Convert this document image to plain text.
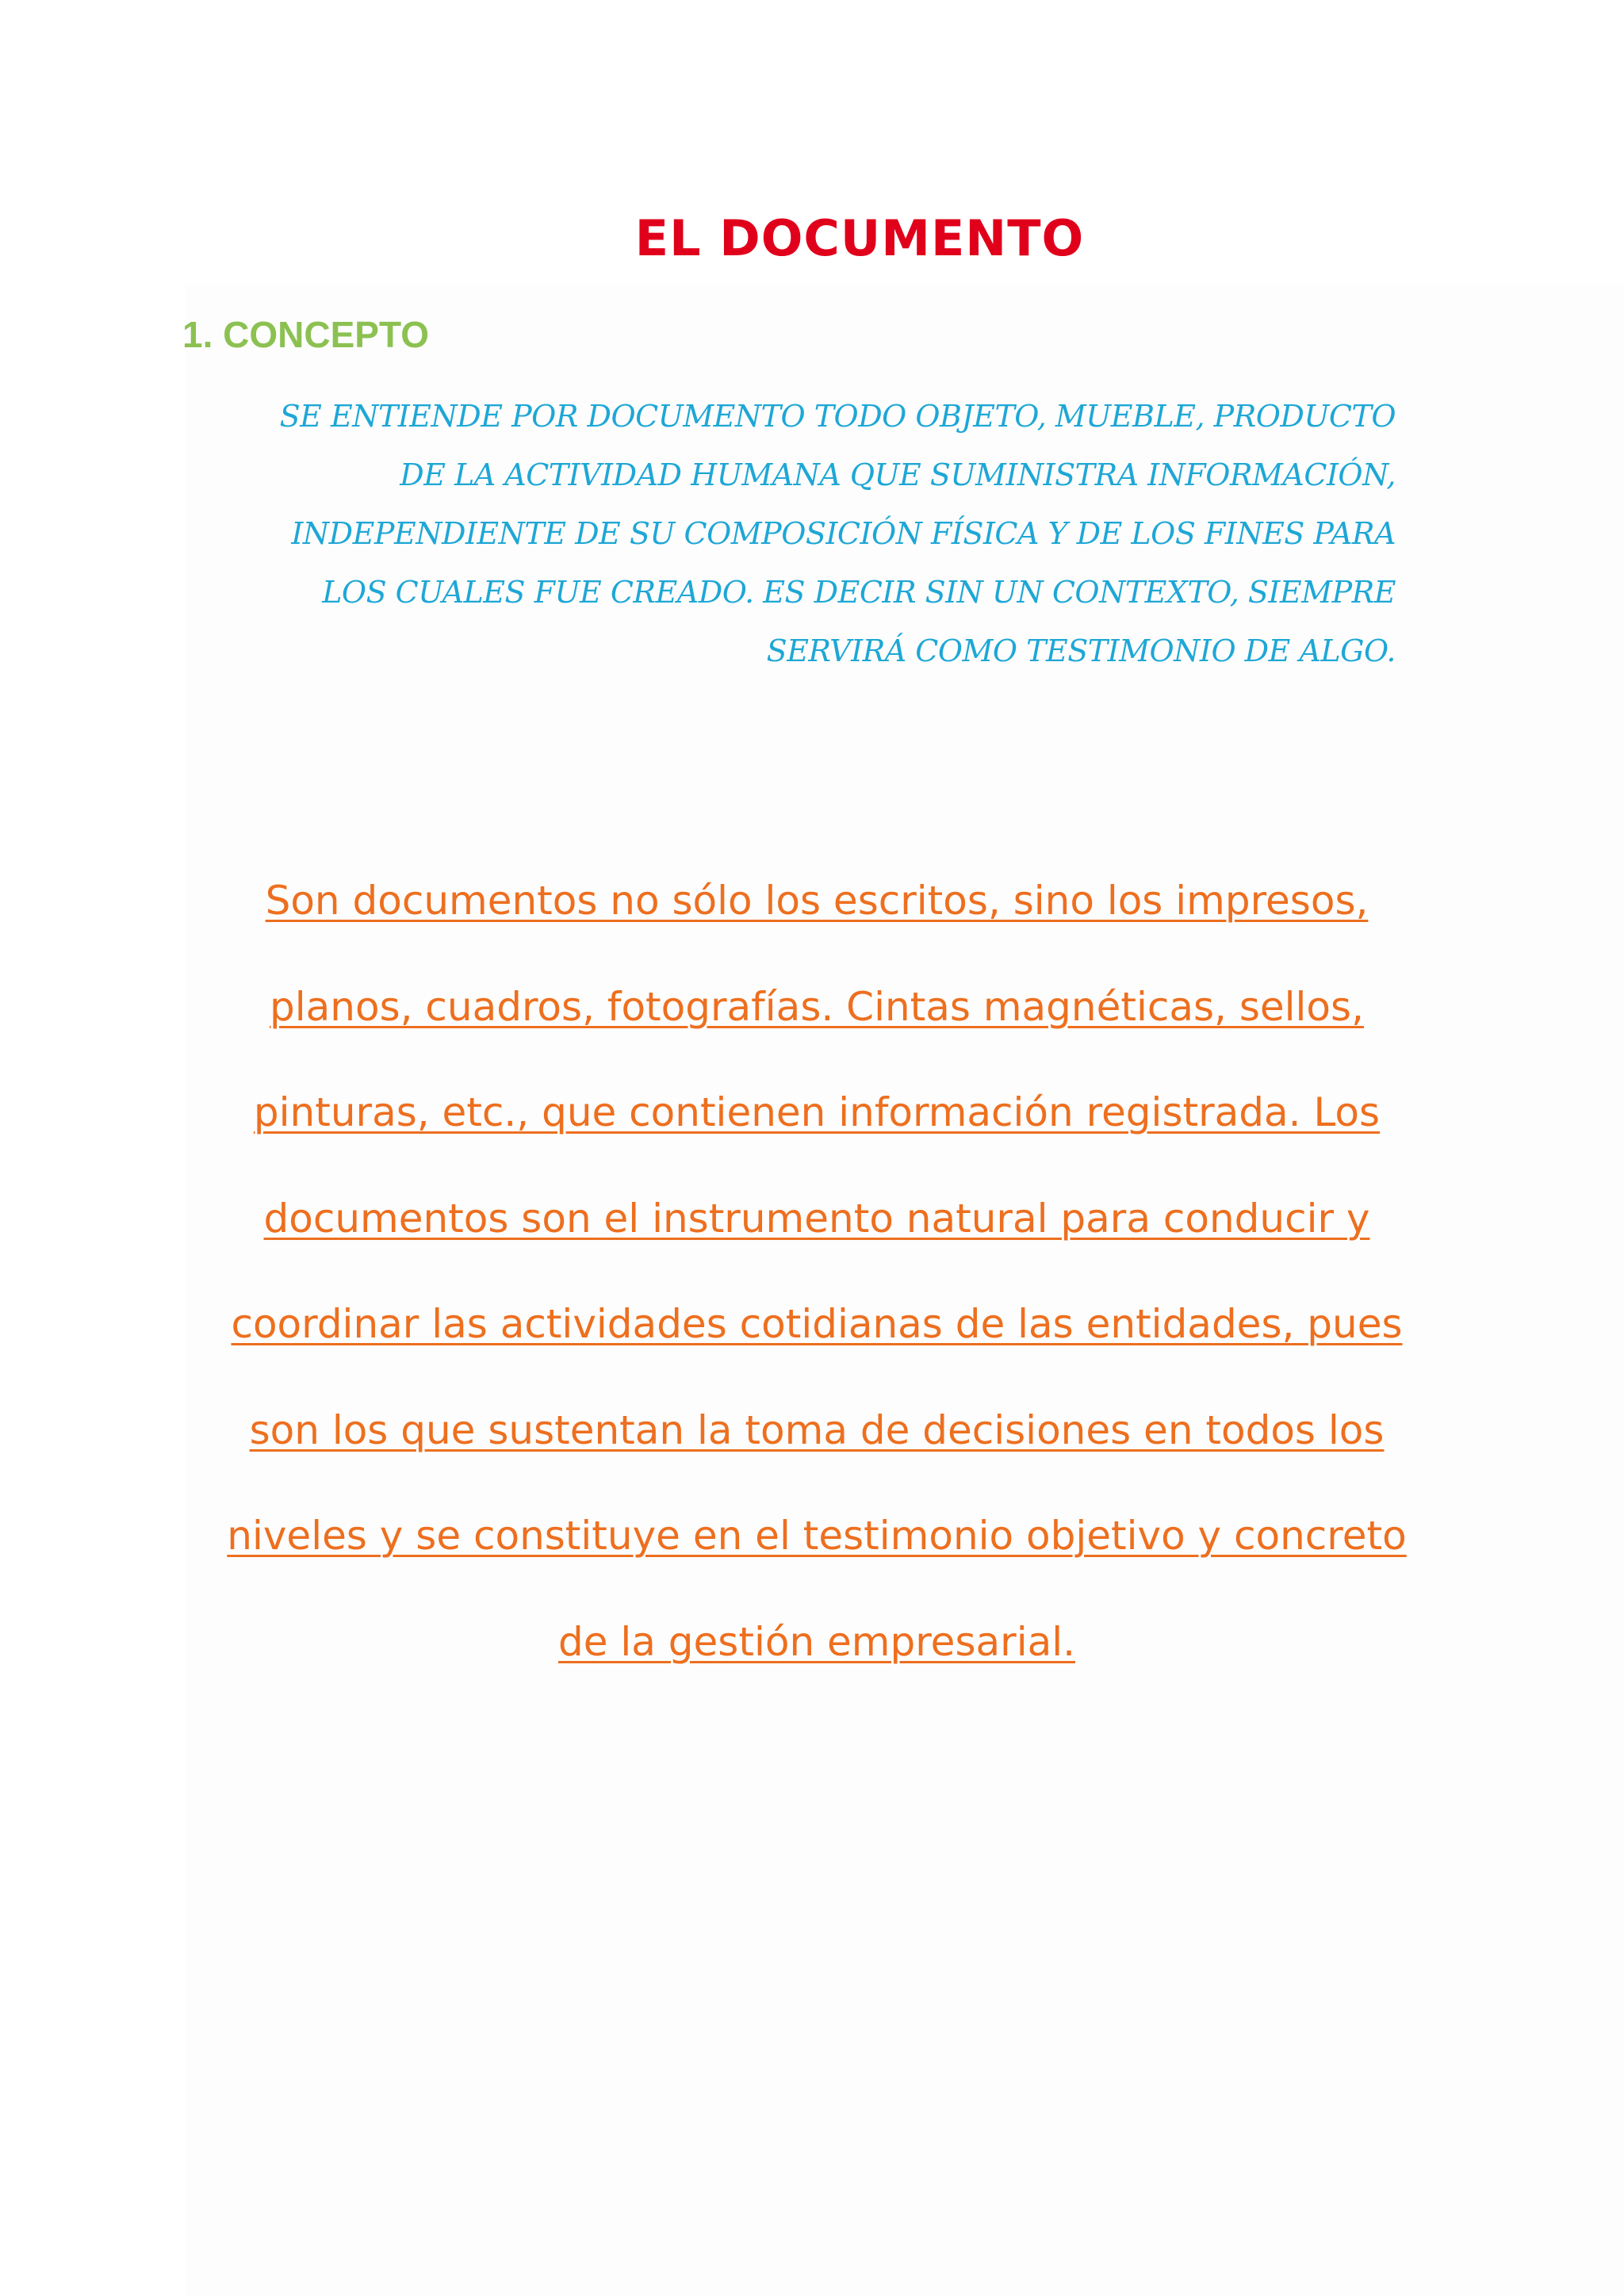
EL DOCUMENTO
1. CONCEPTO

SE ENTIENDE POR DOCUMENTO TODO OBJETO, MUEBLE, PRODUCTO DE LA ACTIVIDAD HUMANA QUE SUMINISTRA INFORMACIÓN, INDEPENDIENTE DE SU COMPOSICIÓN FÍSICA Y DE LOS FINES PARA LOS CUALES FUE CREADO. ES DECIR SIN UN CONTEXTO, SIEMPRE SERVIRÁ COMO TESTIMONIO DE ALGO.

Son documentos no sólo los escritos, sino los impresos, planos, cuadros, fotografías. Cintas magnéticas, sellos, pinturas, etc., que contienen información registrada. Los documentos son el instrumento natural para conducir y coordinar las actividades cotidianas de las entidades, pues son los que sustentan la toma de decisiones en todos los niveles y se constituye en el testimonio objetivo y concreto de la gestión empresarial.
